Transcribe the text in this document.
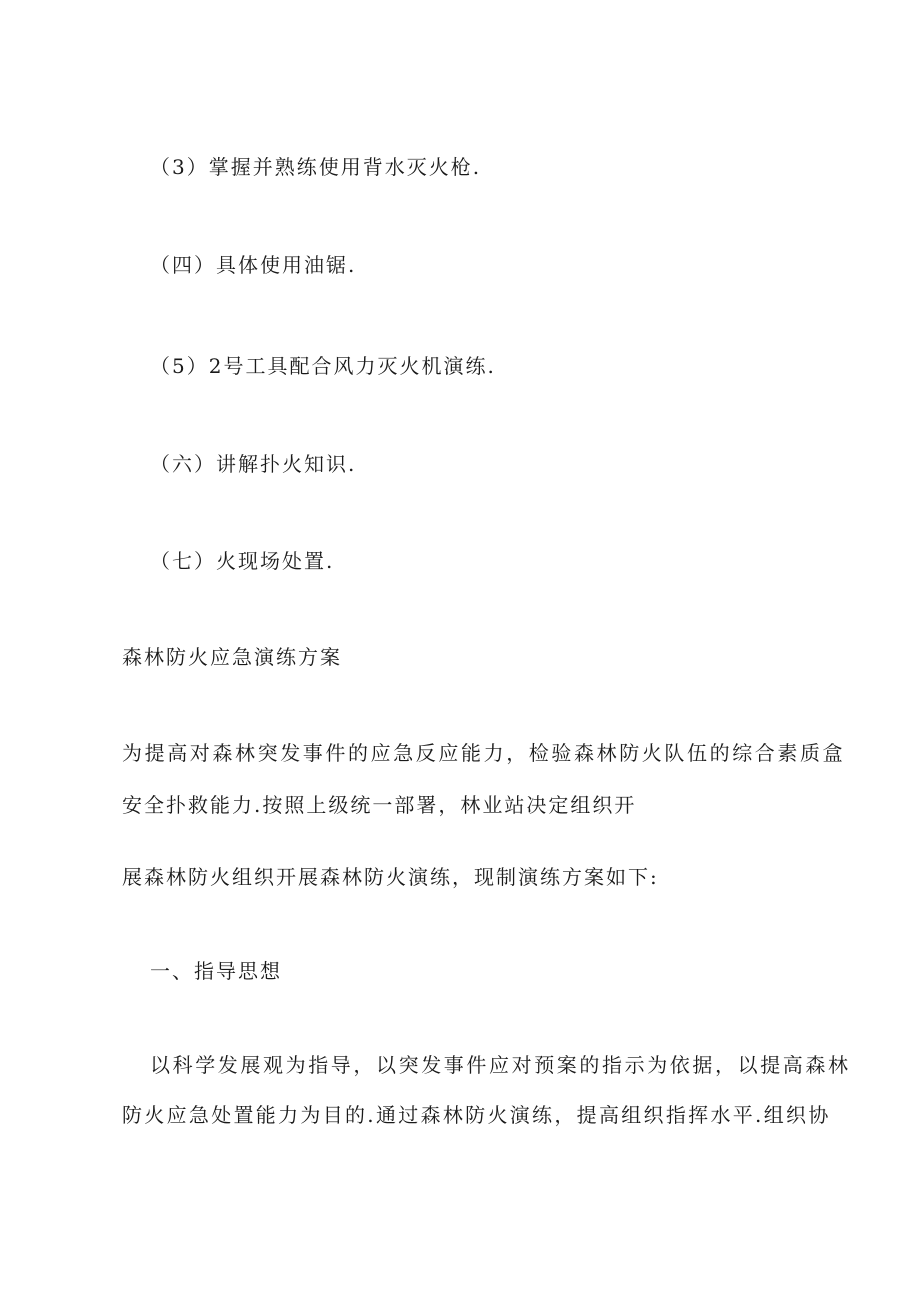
（3）掌握并熟练使用背水灭火枪.

（四）具体使用油锯.

（5）2号工具配合风力灭火机演练.

（六）讲解扑火知识.

（七）火现场处置.

森林防火应急演练方案

为提高对森林突发事件的应急反应能力，检验森林防火队伍的综合素质盒

安全扑救能力.按照上级统一部署，林业站决定组织开

展森林防火组织开展森林防火演练，现制演练方案如下:

一、指导思想

以科学发展观为指导，以突发事件应对预案的指示为依据，以提高森林

防火应急处置能力为目的.通过森林防火演练，提高组织指挥水平.组织协
